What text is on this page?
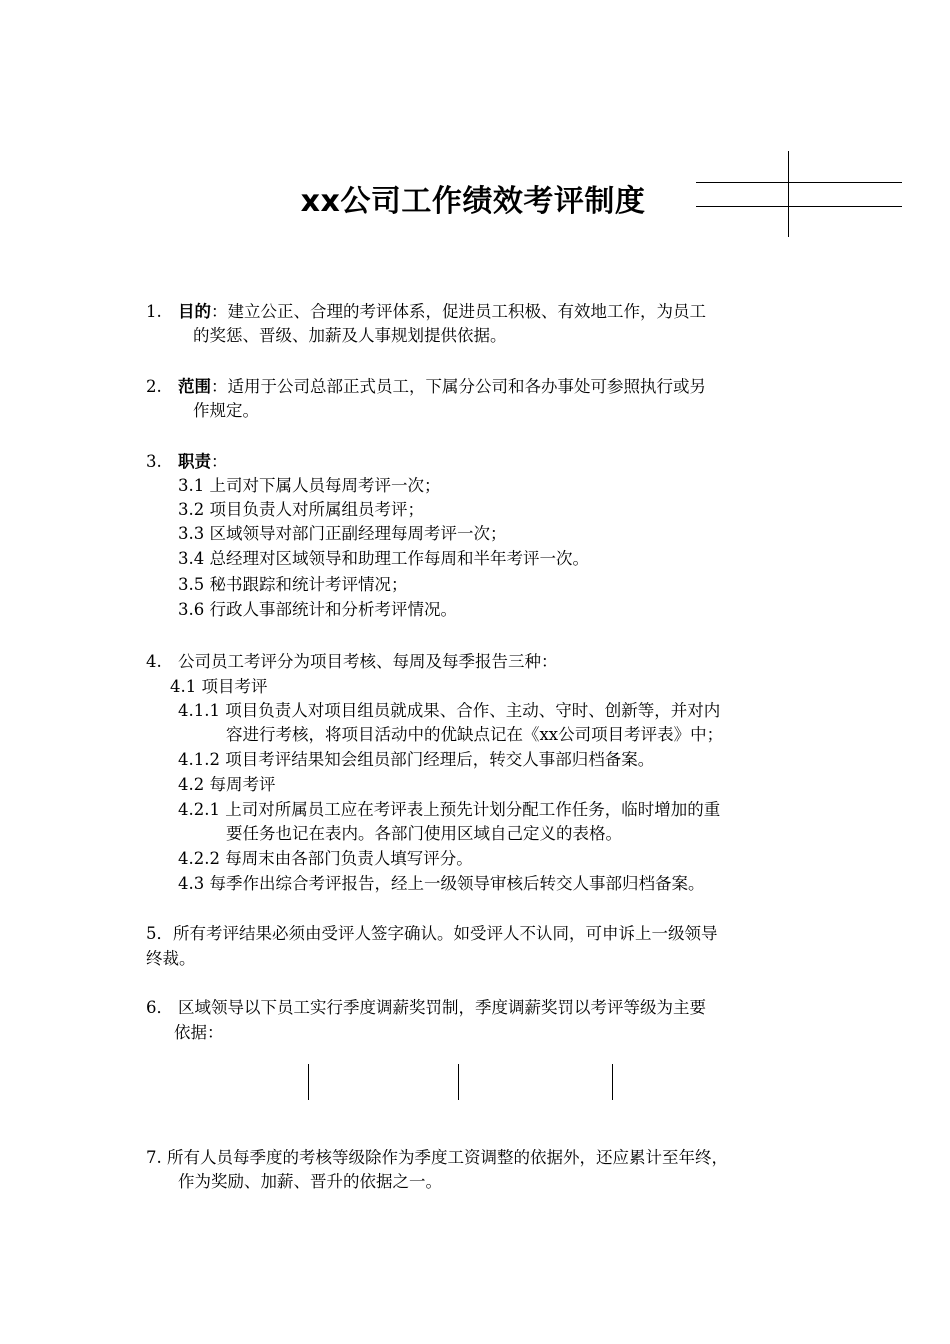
xx公司工作绩效考评制度
1. 目的：建立公正、合理的考评体系，促进员工积极、有效地工作，为员工
的奖惩、晋级、加薪及人事规划提供依据。
2. 范围：适用于公司总部正式员工，下属分公司和各办事处可参照执行或另
作规定。
3. 职责：
3.1 上司对下属人员每周考评一次；
3.2 项目负责人对所属组员考评；
3.3 区域领导对部门正副经理每周考评一次；
3.4 总经理对区域领导和助理工作每周和半年考评一次。
3.5 秘书跟踪和统计考评情况；
3.6 行政人事部统计和分析考评情况。
4. 公司员工考评分为项目考核、每周及每季报告三种：
4.1 项目考评
4.1.1 项目负责人对项目组员就成果、合作、主动、守时、创新等，并对内
容进行考核，将项目活动中的优缺点记在《xx公司项目考评表》中；
4.1.2 项目考评结果知会组员部门经理后，转交人事部归档备案。
4.2 每周考评
4.2.1 上司对所属员工应在考评表上预先计划分配工作任务，临时增加的重
要任务也记在表内。各部门使用区域自己定义的表格。
4.2.2 每周末由各部门负责人填写评分。
4.3 每季作出综合考评报告，经上一级领导审核后转交人事部归档备案。
5．所有考评结果必须由受评人签字确认。如受评人不认同，可申诉上一级领导
终裁。
6． 区域领导以下员工实行季度调薪奖罚制，季度调薪奖罚以考评等级为主要
依据：
7. 所有人员每季度的考核等级除作为季度工资调整的依据外，还应累计至年终，
作为奖励、加薪、晋升的依据之一。
